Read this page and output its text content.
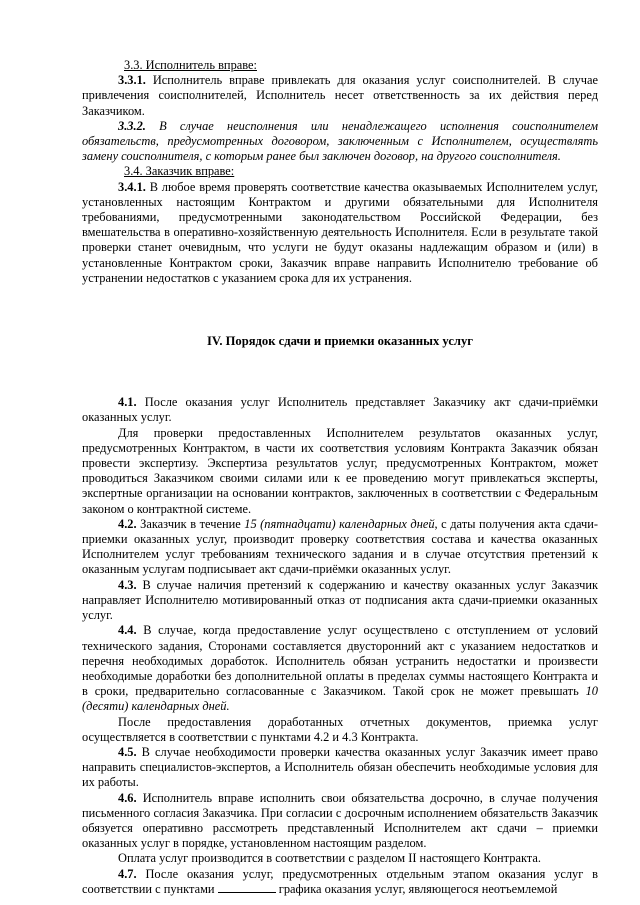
3.3. Исполнитель вправе:

3.3.1. Исполнитель вправе привлекать для оказания услуг соисполнителей. В случае привлечения соисполнителей, Исполнитель несет ответственность за их действия перед Заказчиком.

3.3.2. В случае неисполнения или ненадлежащего исполнения соисполнителем обязательств, предусмотренных договором, заключенным с Исполнителем, осуществлять замену соисполнителя, с которым ранее был заключен договор, на другого соисполнителя.

3.4. Заказчик вправе:

3.4.1. В любое время проверять соответствие качества оказываемых Исполнителем услуг, установленных настоящим Контрактом и другими обязательными для Исполнителя требованиями, предусмотренными законодательством Российской Федерации, без вмешательства в оперативно-хозяйственную деятельность Исполнителя. Если в результате такой проверки станет очевидным, что услуги не будут оказаны надлежащим образом и (или) в установленные Контрактом сроки, Заказчик вправе направить Исполнителю требование об устранении недостатков с указанием срока для их устранения.

IV. Порядок сдачи и приемки оказанных услуг

4.1. После оказания услуг Исполнитель представляет Заказчику акт сдачи-приёмки оказанных услуг.

Для проверки предоставленных Исполнителем результатов оказанных услуг, предусмотренных Контрактом, в части их соответствия условиям Контракта Заказчик обязан провести экспертизу. Экспертиза результатов услуг, предусмотренных Контрактом, может проводиться Заказчиком своими силами или к ее проведению могут привлекаться эксперты, экспертные организации на основании контрактов, заключенных в соответствии с Федеральным законом о контрактной системе.

4.2. Заказчик в течение 15 (пятнадцати) календарных дней, с даты получения акта сдачи-приемки оказанных услуг, производит проверку соответствия состава и качества оказанных Исполнителем услуг требованиям технического задания и в случае отсутствия претензий к оказанным услугам подписывает акт сдачи-приёмки оказанных услуг.

4.3. В случае наличия претензий к содержанию и качеству оказанных услуг Заказчик направляет Исполнителю мотивированный отказ от подписания акта сдачи-приемки оказанных услуг.

4.4. В случае, когда предоставление услуг осуществлено с отступлением от условий технического задания, Сторонами составляется двусторонний акт с указанием недостатков и перечня необходимых доработок. Исполнитель обязан устранить недостатки и произвести необходимые доработки без дополнительной оплаты в пределах суммы настоящего Контракта и в сроки, предварительно согласованные с Заказчиком. Такой срок не может превышать 10 (десяти) календарных дней.

После предоставления доработанных отчетных документов, приемка услуг осуществляется в соответствии с пунктами 4.2 и 4.3 Контракта.

4.5. В случае необходимости проверки качества оказанных услуг Заказчик имеет право направить специалистов-экспертов, а Исполнитель обязан обеспечить необходимые условия для их работы.

4.6. Исполнитель вправе исполнить свои обязательства досрочно, в случае получения письменного согласия Заказчика. При согласии с досрочным исполнением обязательств Заказчик обязуется оперативно рассмотреть представленный Исполнителем акт сдачи – приемки оказанных услуг в порядке, установленном настоящим разделом.

Оплата услуг производится в соответствии с разделом II настоящего Контракта.

4.7. После оказания услуг, предусмотренных отдельным этапом оказания услуг в соответствии с пунктами	графика оказания услуг, являющегося неотъемлемой
